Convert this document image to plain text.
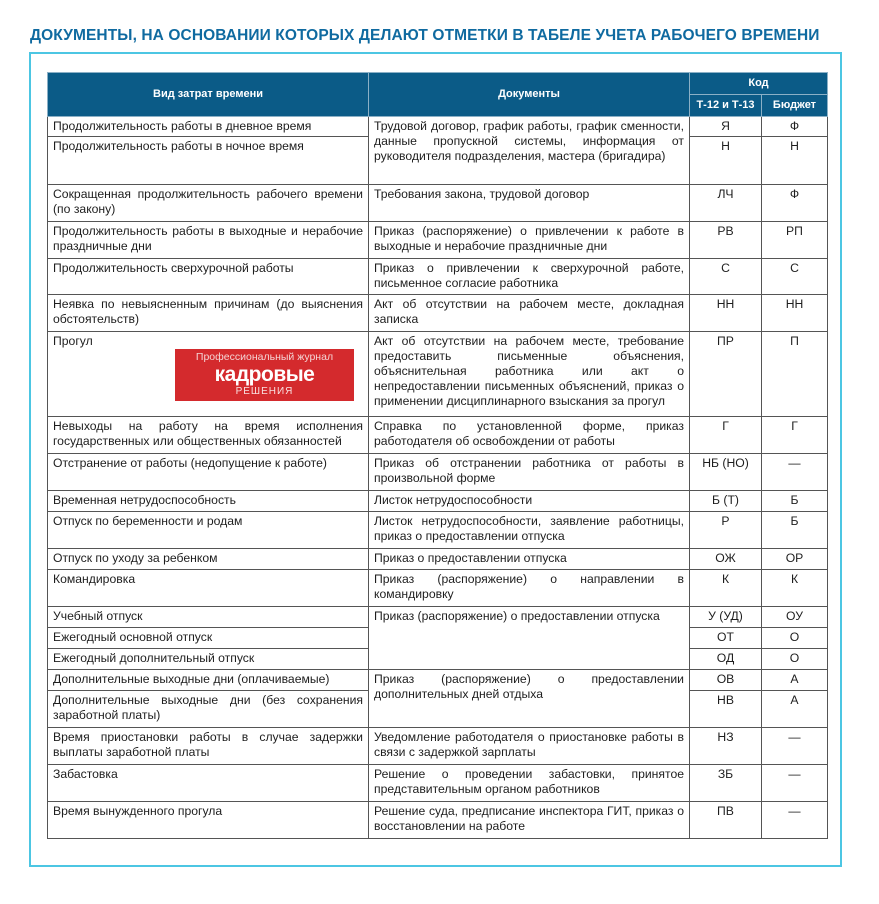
ДОКУМЕНТЫ, НА ОСНОВАНИИ КОТОРЫХ ДЕЛАЮТ ОТМЕТКИ В ТАБЕЛЕ УЧЕТА РАБОЧЕГО ВРЕМЕНИ
Вид затрат времени	Документы	Код	
		Т-12 и Т-13	Бюджет
Продолжительность работы в дневное время	Трудовой договор, график работы, график сменности, данные пропускной системы, информация от руководителя подразделения, мастера (бригадира)	Я	Ф
Продолжительность работы в ночное время		Н	Н
Сокращенная продолжительность рабочего времени (по закону)	Требования закона, трудовой договор	ЛЧ	Ф
Продолжительность работы в выходные и нерабочие праздничные дни	Приказ (распоряжение) о привлечении к работе в выходные и нерабочие праздничные дни	РВ	РП
Продолжительность сверхурочной работы	Приказ о привлечении к сверхурочной работе, письменное согласие работника	С	С
Неявка по невыясненным причинам (до выяснения обстоятельств)	Акт об отсутствии на рабочем месте, докладная записка	НН	НН
Прогул	Акт об отсутствии на рабочем месте, требование предоставить письменные объяснения, объяснительная работника или акт о непредоставлении письменных объяснений, приказ о применении дисциплинарного взыскания за прогул	ПР	П
Невыходы на работу на время исполнения государственных или общественных обязанностей	Справка по установленной форме, приказ работодателя об освобождении от работы	Г	Г
Отстранение от работы (недопущение к работе)	Приказ об отстранении работника от работы в произвольной форме	НБ (НО)	—
Временная нетрудоспособность	Листок нетрудоспособности	Б (Т)	Б
Отпуск по беременности и родам	Листок нетрудоспособности, заявление работницы, приказ о предоставлении отпуска	Р	Б
Отпуск по уходу за ребенком	Приказ о предоставлении отпуска	ОЖ	ОР
Командировка	Приказ (распоряжение) о направлении в командировку	К	К
Учебный отпуск	Приказ (распоряжение) о предоставлении отпуска	У (УД)	ОУ
Ежегодный основной отпуск		ОТ	О
Ежегодный дополнительный отпуск		ОД	О
Дополнительные выходные дни (оплачиваемые)	Приказ (распоряжение) о предоставлении дополнительных дней отдыха	ОВ	А
Дополнительные выходные дни (без сохранения заработной платы)		НВ	А
Время приостановки работы в случае задержки выплаты заработной платы	Уведомление работодателя о приостановке работы в связи с задержкой зарплаты	НЗ	—
Забастовка	Решение о проведении забастовки, принятое представительным органом работников	ЗБ	—
Время вынужденного прогула	Решение суда, предписание инспектора ГИТ, приказ о восстановлении на работе	ПВ	—
Профессиональный журнал
кадровые
РЕШЕНИЯ
